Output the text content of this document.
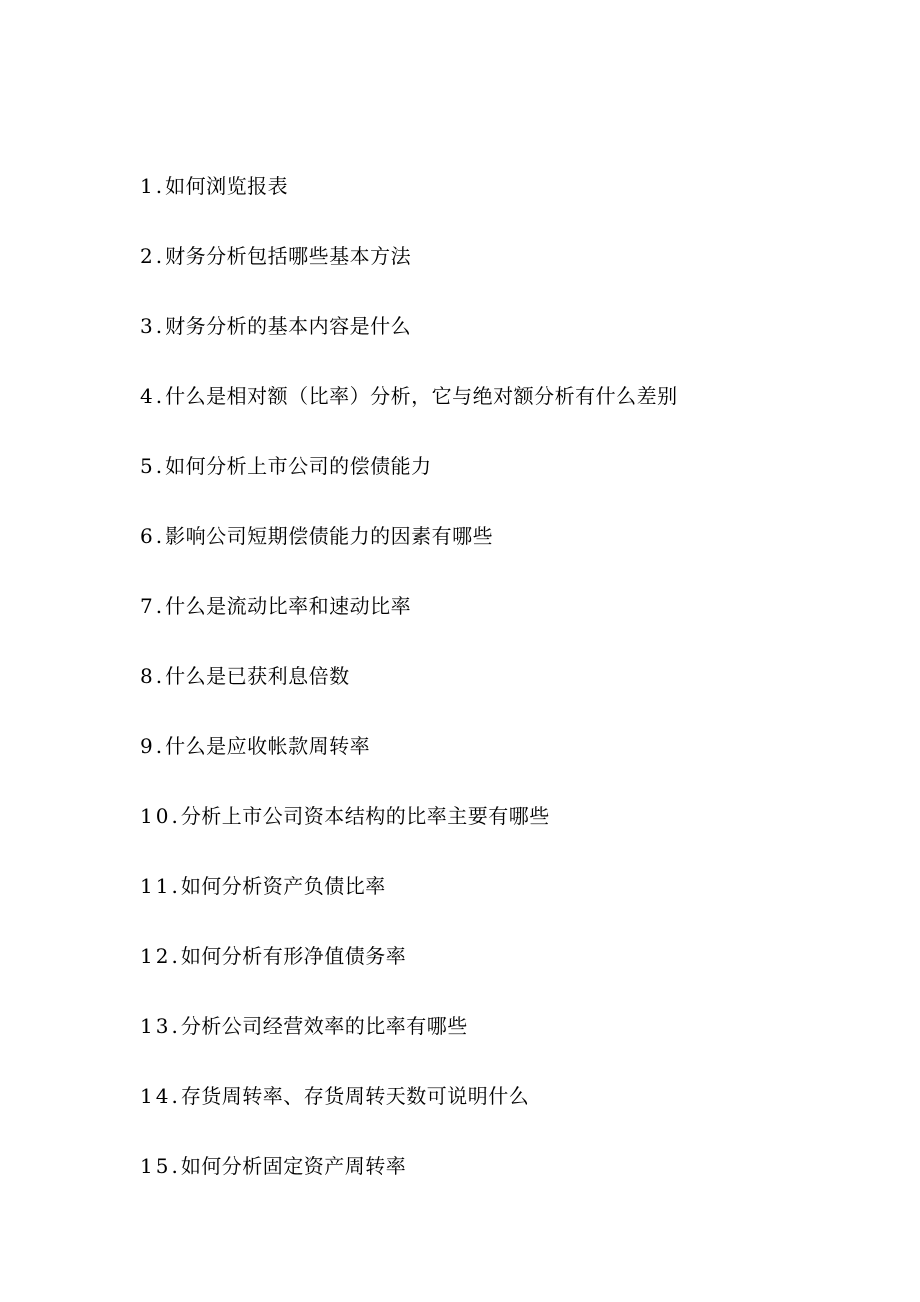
1.如何浏览报表
2.财务分析包括哪些基本方法
3.财务分析的基本内容是什么
4.什么是相对额（比率）分析，它与绝对额分析有什么差别
5.如何分析上市公司的偿债能力
6.影响公司短期偿债能力的因素有哪些
7.什么是流动比率和速动比率
8.什么是已获利息倍数
9.什么是应收帐款周转率
10.分析上市公司资本结构的比率主要有哪些
11.如何分析资产负债比率
12.如何分析有形净值债务率
13.分析公司经营效率的比率有哪些
14.存货周转率、存货周转天数可说明什么
15.如何分析固定资产周转率
